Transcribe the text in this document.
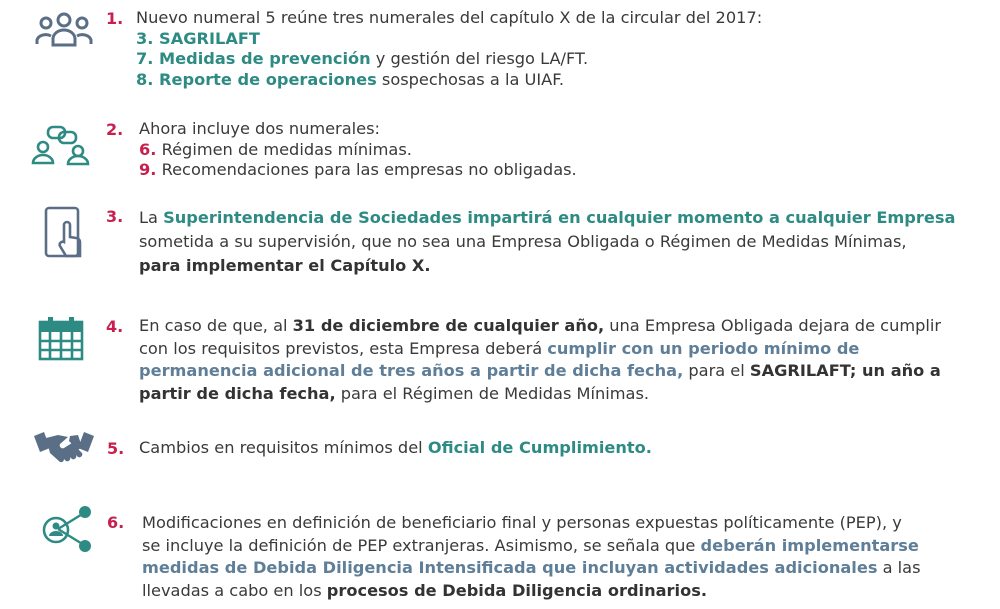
1. Nuevo numeral 5 reúne tres numerales del capítulo X de la circular del 2017:
3. SAGRILAFT
7. Medidas de prevención y gestión del riesgo LA/FT.
8. Reporte de operaciones sospechosas a la UIAF.
2. Ahora incluye dos numerales:
6. Régimen de medidas mínimas.
9. Recomendaciones para las empresas no obligadas.
3. La Superintendencia de Sociedades impartirá en cualquier momento a cualquier Empresa
sometida a su supervisión, que no sea una Empresa Obligada o Régimen de Medidas Mínimas,
para implementar el Capítulo X.
4. En caso de que, al 31 de diciembre de cualquier año, una Empresa Obligada dejara de cumplir
con los requisitos previstos, esta Empresa deberá cumplir con un periodo mínimo de
permanencia adicional de tres años a partir de dicha fecha, para el SAGRILAFT; un año a
partir de dicha fecha, para el Régimen de Medidas Mínimas.
5. Cambios en requisitos mínimos del Oficial de Cumplimiento.
6. Modificaciones en definición de beneficiario final y personas expuestas políticamente (PEP), y
se incluye la definición de PEP extranjeras. Asimismo, se señala que deberán implementarse
medidas de Debida Diligencia Intensificada que incluyan actividades adicionales a las
llevadas a cabo en los procesos de Debida Diligencia ordinarios.
